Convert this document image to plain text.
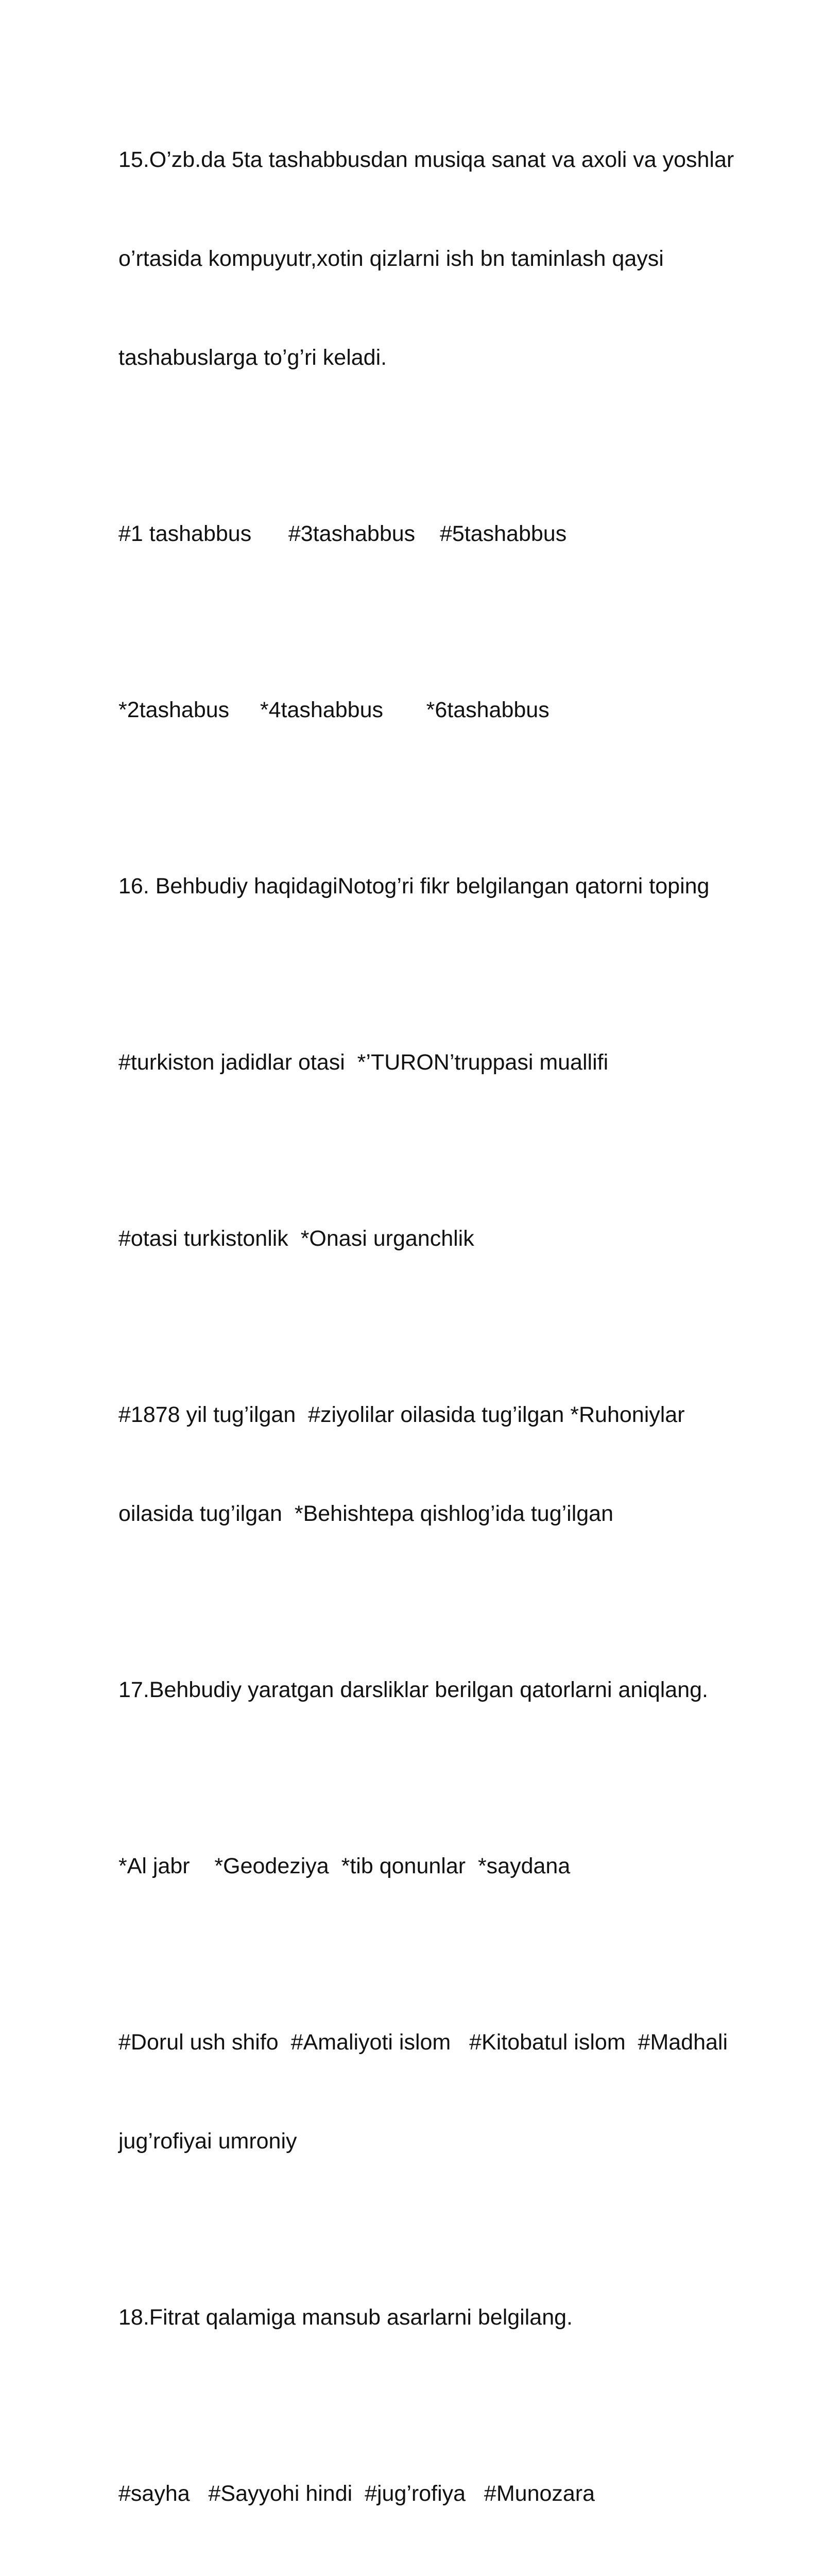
15.O’zb.da 5ta tashabbusdan musiqa sanat va axoli va yoshlar

o’rtasida kompuyutr,xotin qizlarni ish bn taminlash qaysi

tashabuslarga to’g’ri keladi.

#1 tashabbus      #3tashabbus    #5tashabbus

*2tashabus     *4tashabbus       *6tashabbus

16. Behbudiy haqidagiNotog’ri fikr belgilangan qatorni toping

#turkiston jadidlar otasi  *’TURON’truppasi muallifi

#otasi turkistonlik  *Onasi urganchlik

#1878 yil tug’ilgan  #ziyolilar oilasida tug’ilgan *Ruhoniylar

oilasida tug’ilgan  *Behishtepa qishlog’ida tug’ilgan

17.Behbudiy yaratgan darsliklar berilgan qatorlarni aniqlang.

*Al jabr    *Geodeziya  *tib qonunlar  *saydana

#Dorul ush shifo  #Amaliyoti islom   #Kitobatul islom  #Madhali

jug’rofiyai umroniy

18.Fitrat qalamiga mansub asarlarni belgilang.

#sayha   #Sayyohi hindi  #jug’rofiya   #Munozara
